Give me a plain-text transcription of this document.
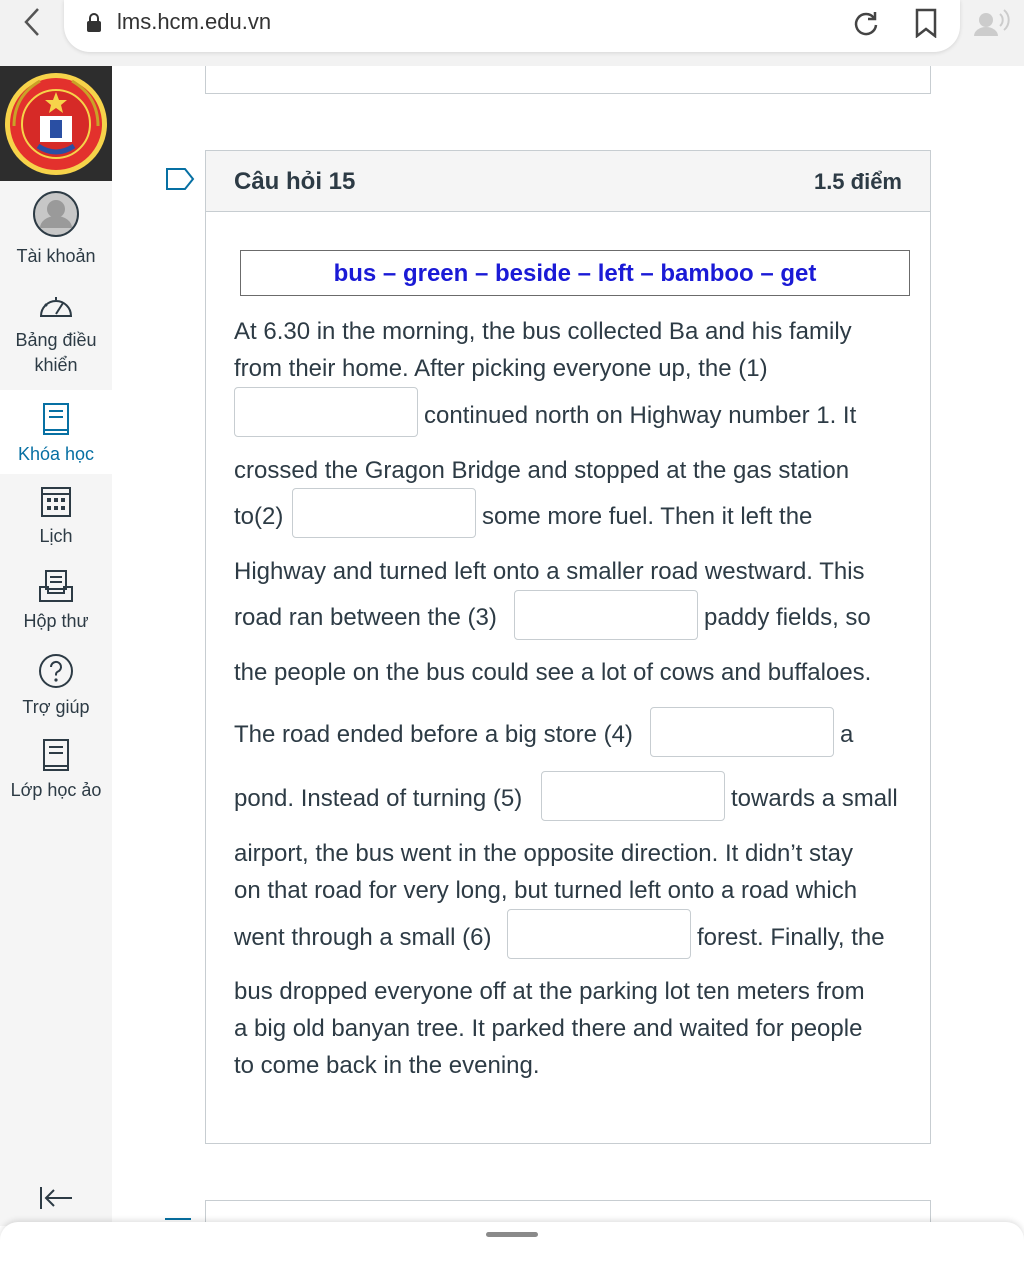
lms.hcm.edu.vn
Tài khoản
Bảng điều khiển
Khóa học
Lịch
Hộp thư
Trợ giúp
Lớp học ảo
Câu hỏi 15	1.5 điểm
bus – green – beside – left – bamboo – get
At 6.30 in the morning, the bus collected Ba and his family
from their home. After picking everyone up, the (1)
continued north on Highway number 1. It
crossed the Gragon Bridge and stopped at the gas station
to(2)	some more fuel. Then it left the
Highway and turned left onto a smaller road westward. This
road ran between the (3)	paddy fields, so
the people on the bus could see a lot of cows and buffaloes.
The road ended before a big store (4)	a
pond. Instead of turning (5)	towards a small
airport, the bus went in the opposite direction. It didn’t stay
on that road for very long, but turned left onto a road which
went through a small (6)	forest. Finally, the
bus dropped everyone off at the parking lot ten meters from
a big old banyan tree. It parked there and waited for people
to come back in the evening.
